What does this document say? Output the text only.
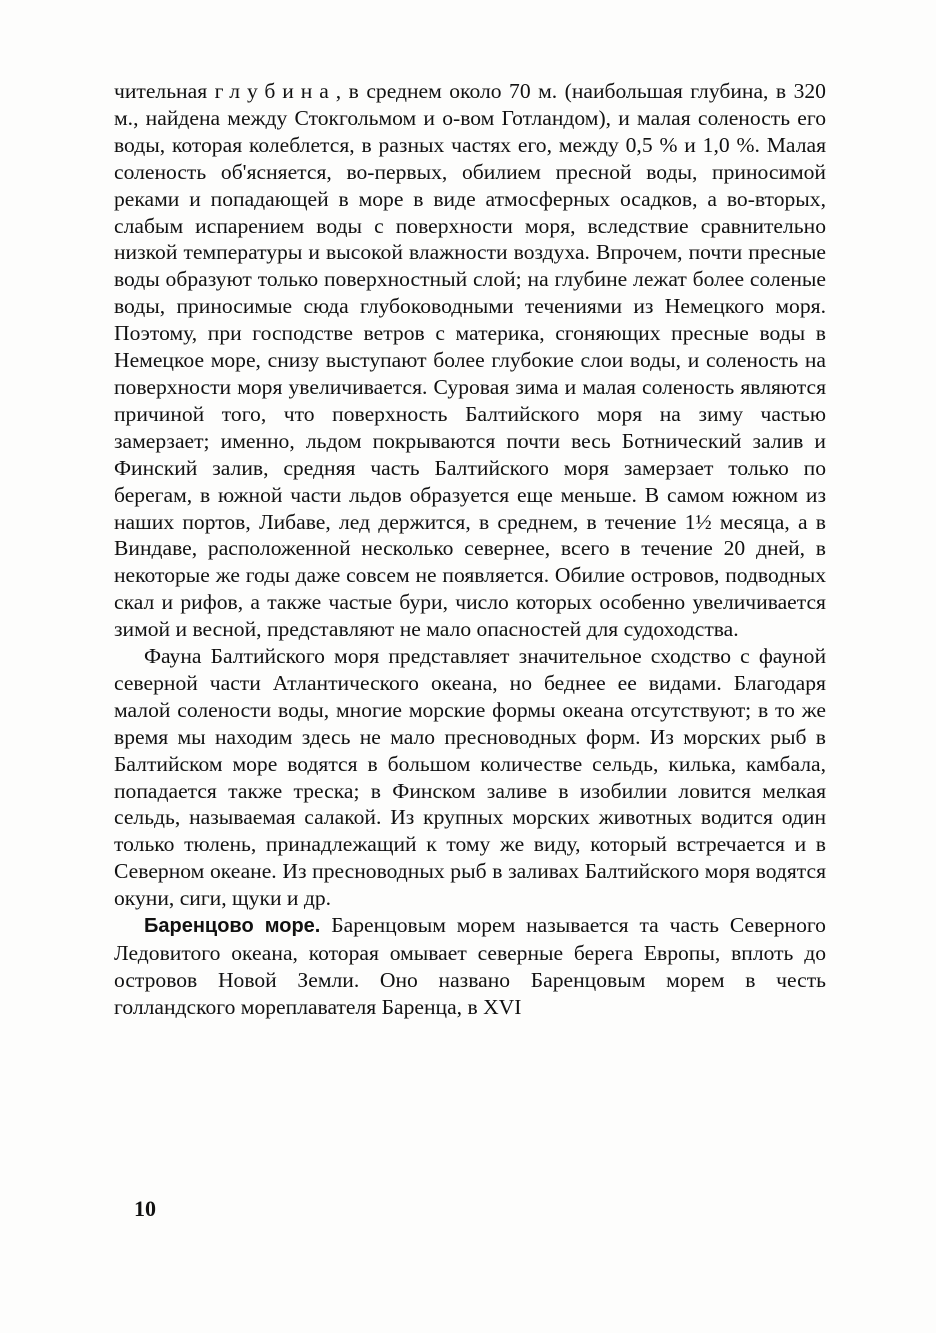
чительная глубина, в среднем около 70 м. (наибольшая глубина, в 320 м., найдена между Стокгольмом и о-вом Готландом), и малая соленость его воды, которая колеблется, в разных частях его, между 0,5 % и 1,0 %. Малая соленость об'ясняется, во-первых, обилием пресной воды, приносимой реками и попадающей в море в виде атмосферных осадков, а во-вторых, слабым испарением воды с поверхности моря, вследствие сравнительно низкой температуры и высокой влажности воздуха. Впрочем, почти пресные воды образуют только поверхностный слой; на глубине лежат более соленые воды, приносимые сюда глубоководными течениями из Немецкого моря. Поэтому, при господстве ветров с материка, сгоняющих пресные воды в Немецкое море, снизу выступают более глубокие слои воды, и соленость на поверхности моря увеличивается. Суровая зима и малая соленость являются причиной того, что поверхность Балтийского моря на зиму частью замерзает; именно, льдом покрываются почти весь Ботнический залив и Финский залив, средняя часть Балтийского моря замерзает только по берегам, в южной части льдов образуется еще меньше. В самом южном из наших портов, Либаве, лед держится, в среднем, в течение 1½ месяца, а в Виндаве, расположенной несколько севернее, всего в течение 20 дней, в некоторые же годы даже совсем не появляется. Обилие островов, подводных скал и рифов, а также частые бури, число которых особенно увеличивается зимой и весной, представляют не мало опасностей для судоходства.

Фауна Балтийского моря представляет значительное сходство с фауной северной части Атлантического океана, но беднее ее видами. Благодаря малой солености воды, многие морские формы океана отсутствуют; в то же время мы находим здесь не мало пресноводных форм. Из морских рыб в Балтийском море водятся в большом количестве сельдь, килька, камбала, попадается также треска; в Финском заливе в изобилии ловится мелкая сельдь, называемая салакой. Из крупных морских животных водится один только тюлень, принадлежащий к тому же виду, который встречается и в Северном океане. Из пресноводных рыб в заливах Балтийского моря водятся окуни, сиги, щуки и др.

Баренцово море. Баренцовым морем называется та часть Северного Ледовитого океана, которая омывает северные берега Европы, вплоть до островов Новой Земли. Оно названо Баренцовым морем в честь голландского мореплавателя Баренца, в XVI

10
